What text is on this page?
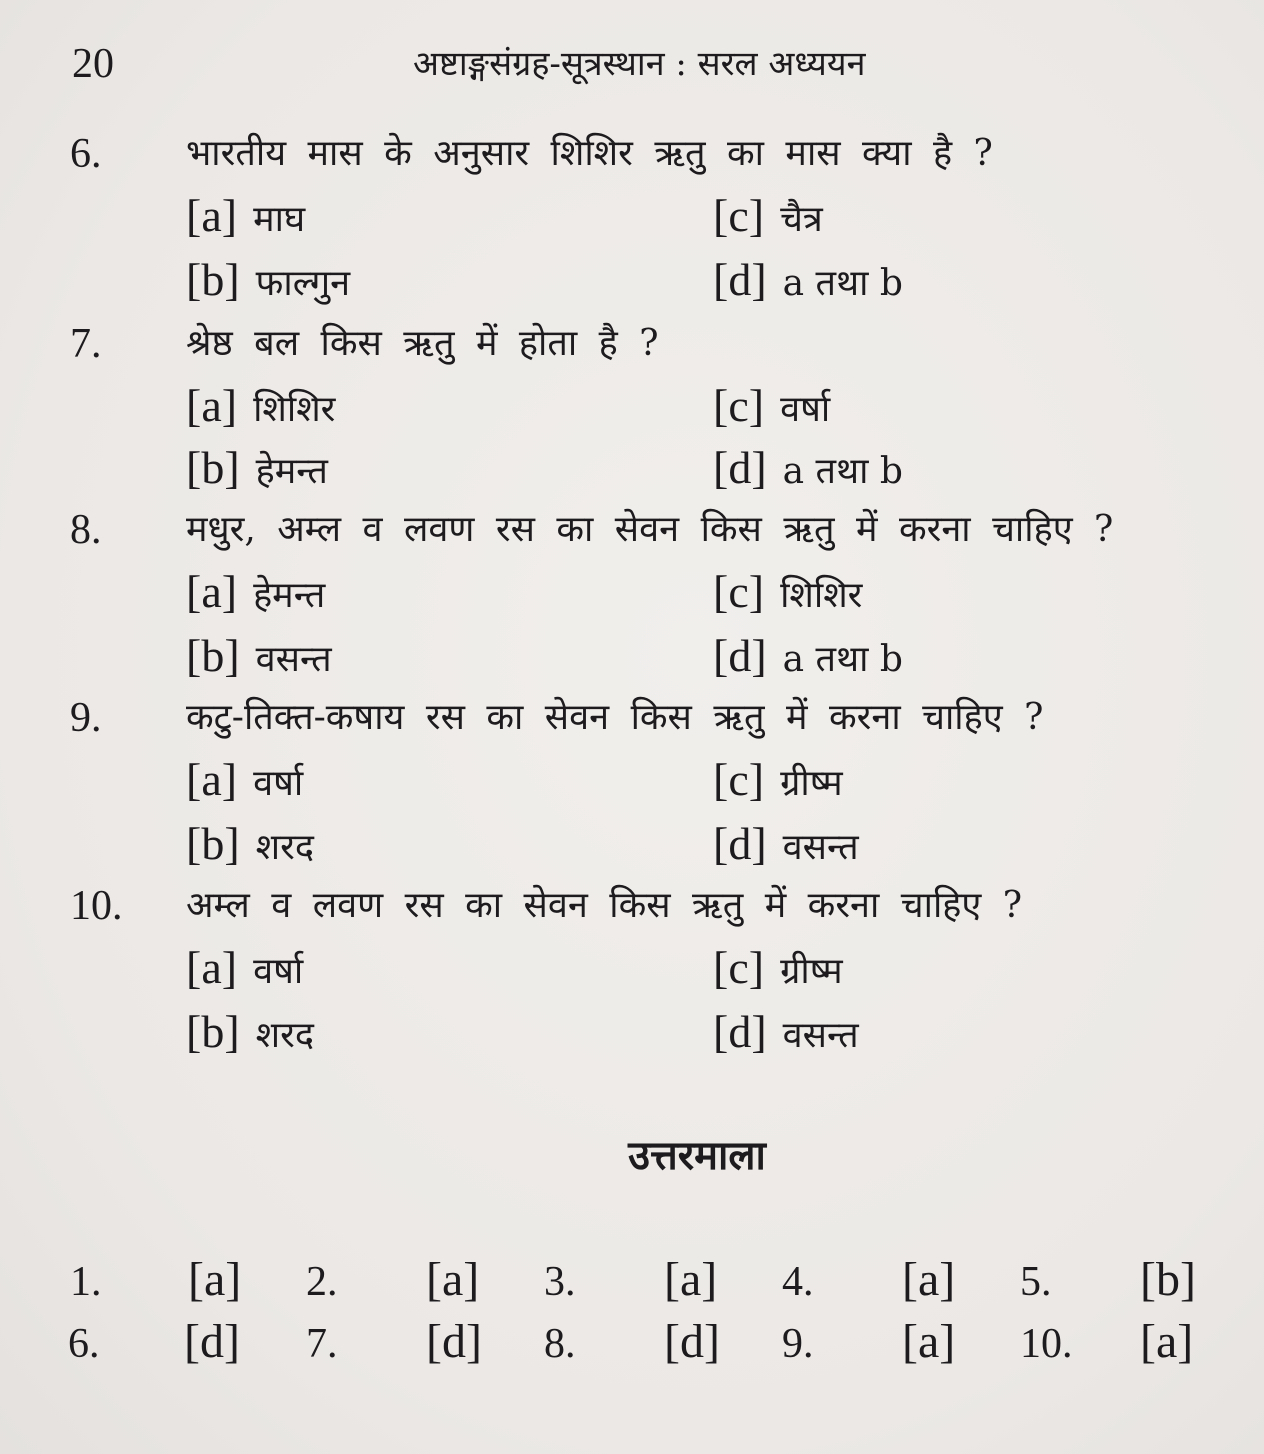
20	अष्टाङ्गसंग्रह-सूत्रस्थान : सरल अध्ययन
6. भारतीय मास के अनुसार शिशिर ऋतु का मास क्या है ?
[a] माघ	[c] चैत्र
[b] फाल्गुन	[d] a तथा b
7. श्रेष्ठ बल किस ऋतु में होता है ?
[a] शिशिर	[c] वर्षा
[b] हेमन्त	[d] a तथा b
8. मधुर, अम्ल व लवण रस का सेवन किस ऋतु में करना चाहिए ?
[a] हेमन्त	[c] शिशिर
[b] वसन्त	[d] a तथा b
9. कटु-तिक्त-कषाय रस का सेवन किस ऋतु में करना चाहिए ?
[a] वर्षा	[c] ग्रीष्म
[b] शरद	[d] वसन्त
10. अम्ल व लवण रस का सेवन किस ऋतु में करना चाहिए ?
[a] वर्षा	[c] ग्रीष्म
[b] शरद	[d] वसन्त
उत्तरमाला
1. [a] 2. [a] 3. [a] 4. [a] 5. [b]
6. [d] 7. [d] 8. [d] 9. [a] 10. [a]
